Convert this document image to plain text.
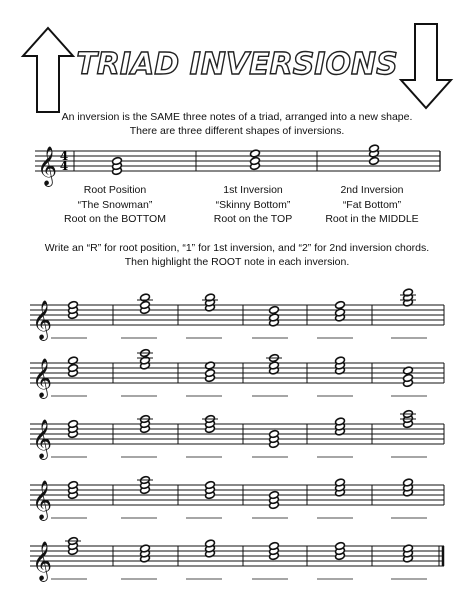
TRIAD INVERSIONS
An inversion is the SAME three notes of a triad, arranged into a new shape.
There are three different shapes of inversions.
𝄞 4
4
Root Position
“The Snowman”
Root on the BOTTOM
1st Inversion
“Skinny Bottom”
Root on the TOP
2nd Inversion
“Fat Bottom”
Root in the MIDDLE
Write an “R” for root position, “1” for 1st inversion, and “2” for 2nd inversion chords.
Then highlight the ROOT note in each inversion.
𝄞
𝄞
𝄞
𝄞
𝄞
